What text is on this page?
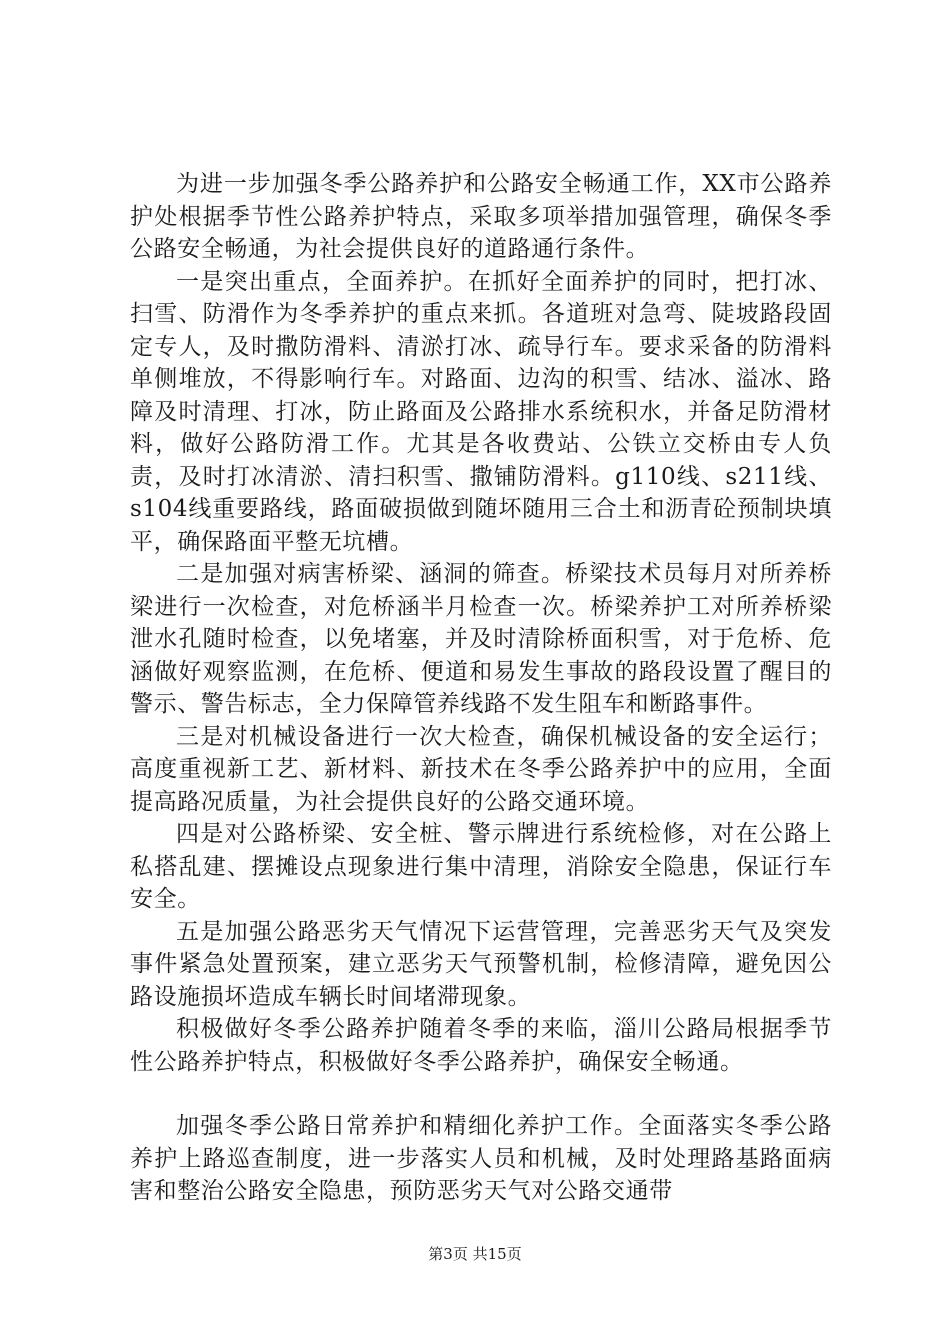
为进一步加强冬季公路养护和公路安全畅通工作，XX市公路养护处根据季节性公路养护特点，采取多项举措加强管理，确保冬季公路安全畅通，为社会提供良好的道路通行条件。

一是突出重点，全面养护。在抓好全面养护的同时，把打冰、扫雪、防滑作为冬季养护的重点来抓。各道班对急弯、陡坡路段固定专人，及时撒防滑料、清淤打冰、疏导行车。要求采备的防滑料单侧堆放，不得影响行车。对路面、边沟的积雪、结冰、溢冰、路障及时清理、打冰，防止路面及公路排水系统积水，并备足防滑材料，做好公路防滑工作。尤其是各收费站、公铁立交桥由专人负责，及时打冰清淤、清扫积雪、撒铺防滑料。g110线、s211线、s104线重要路线，路面破损做到随坏随用三合土和沥青砼预制块填平，确保路面平整无坑槽。

二是加强对病害桥梁、涵洞的筛查。桥梁技术员每月对所养桥梁进行一次检查，对危桥涵半月检查一次。桥梁养护工对所养桥梁泄水孔随时检查，以免堵塞，并及时清除桥面积雪，对于危桥、危涵做好观察监测，在危桥、便道和易发生事故的路段设置了醒目的警示、警告标志，全力保障管养线路不发生阻车和断路事件。

三是对机械设备进行一次大检查，确保机械设备的安全运行；高度重视新工艺、新材料、新技术在冬季公路养护中的应用，全面提高路况质量，为社会提供良好的公路交通环境。

四是对公路桥梁、安全桩、警示牌进行系统检修，对在公路上私搭乱建、摆摊设点现象进行集中清理，消除安全隐患，保证行车安全。

五是加强公路恶劣天气情况下运营管理，完善恶劣天气及突发事件紧急处置预案，建立恶劣天气预警机制，检修清障，避免因公路设施损坏造成车辆长时间堵滞现象。

积极做好冬季公路养护随着冬季的来临，淄川公路局根据季节性公路养护特点，积极做好冬季公路养护，确保安全畅通。

加强冬季公路日常养护和精细化养护工作。全面落实冬季公路养护上路巡查制度，进一步落实人员和机械，及时处理路基路面病害和整治公路安全隐患，预防恶劣天气对公路交通带

第3页 共15页
